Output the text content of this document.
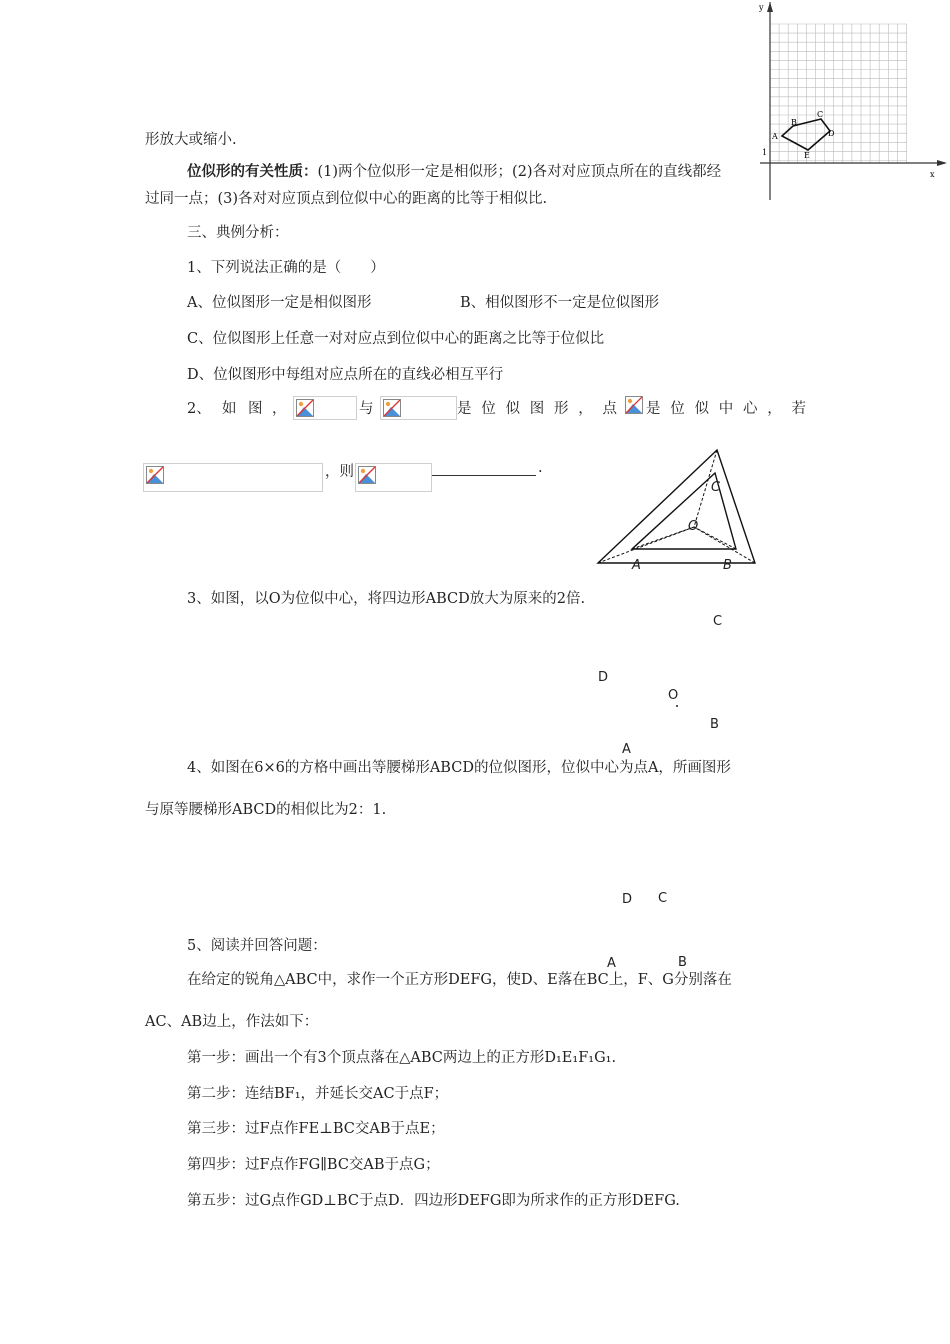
y
x
1
A
B
C
D
E
形放大或缩小.
位似形的有关性质：(1)两个位似形一定是相似形；(2)各对对应顶点所在的直线都经
过同一点；(3)各对对应顶点到位似中心的距离的比等于相似比.
三、典例分析：
1、下列说法正确的是（　　）
A、位似图形一定是相似图形	B、相似图形不一定是位似图形
C、位似图形上任意一对对应点到位似中心的距离之比等于位似比
D、位似图形中每组对应点所在的直线必相互平行
2、 如 图 ，	与	是 位 似 图 形 ， 点 是 位 似 中 心 ， 若
，则	.
C
O
A	B
3、如图，以O为位似中心，将四边形ABCD放大为原来的2倍.
C
D
O
B
A
4、如图在6×6的方格中画出等腰梯形ABCD的位似图形，位似中心为点A，所画图形
与原等腰梯形ABCD的相似比为2：1.
D C
A	B
5、阅读并回答问题：
在给定的锐角△ABC中，求作一个正方形DEFG，使D、E落在BC上，F、G分别落在
AC、AB边上，作法如下：
第一步：画出一个有3个顶点落在△ABC两边上的正方形D₁E₁F₁G₁.
第二步：连结BF₁，并延长交AC于点F；
第三步：过F点作FE⊥BC交AB于点E；
第四步：过F点作FG∥BC交AB于点G；
第五步：过G点作GD⊥BC于点D．四边形DEFG即为所求作的正方形DEFG.
